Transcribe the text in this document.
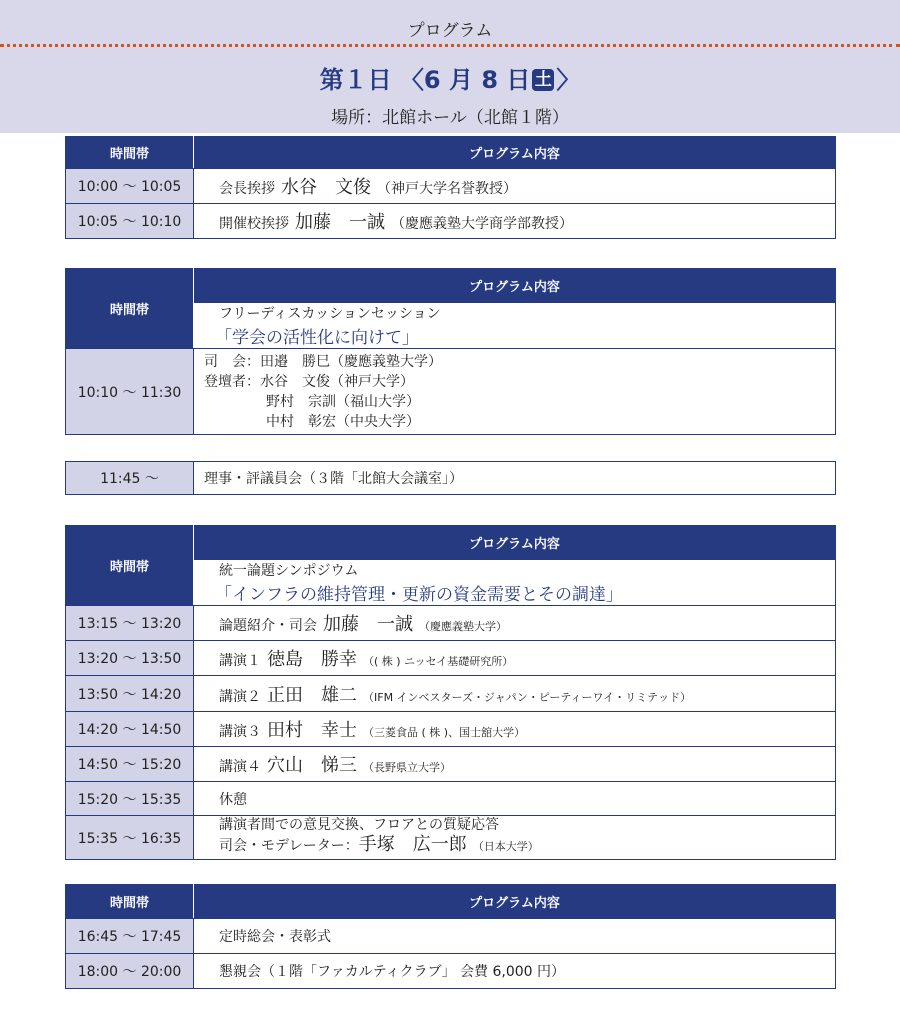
プログラム
第１日 〈6 月 8 日 土 〉
場所：北館ホール（北館１階）
時間帯	プログラム内容
10:00 〜 10:05	会長挨拶 水谷　文俊 （神戸大学名誉教授）
10:05 〜 10:10	開催校挨拶 加藤　一誠 （慶應義塾大学商学部教授）
時間帯	プログラム内容

	フリーディスカッションセッション
「学会の活性化に向けて」

10:10 〜 11:30	司　会：田邉　勝巳（慶應義塾大学）
登壇者：水谷　文俊（神戸大学）
野村　宗訓（福山大学）
中村　彰宏（中央大学）
11:45 〜	理事・評議員会（３階「北館大会議室」）
時間帯	プログラム内容

	統一論題シンポジウム
「インフラの維持管理・更新の資金需要とその調達」

13:15 〜 13:20	論題紹介・司会 加藤　一誠 （慶應義塾大学）
13:20 〜 13:50	講演１ 徳島　勝幸 （( 株 ) ニッセイ基礎研究所）
13:50 〜 14:20	講演２ 正田　雄二 （IFM インベスターズ・ジャパン・ピーティーワイ・リミテッド）
14:20 〜 14:50	講演３ 田村　幸士 （三菱食品 ( 株 )、国士舘大学）
14:50 〜 15:20	講演４ 穴山　悌三 （長野県立大学）
15:20 〜 15:35	休憩
15:35 〜 16:35	講演者間での意見交換、フロアとの質疑応答
司会・モデレーター：手塚　広一郎 （日本大学）
時間帯	プログラム内容
16:45 〜 17:45	定時総会・表彰式
18:00 〜 20:00	懇親会（１階「ファカルティクラブ」 会費 6,000 円）
